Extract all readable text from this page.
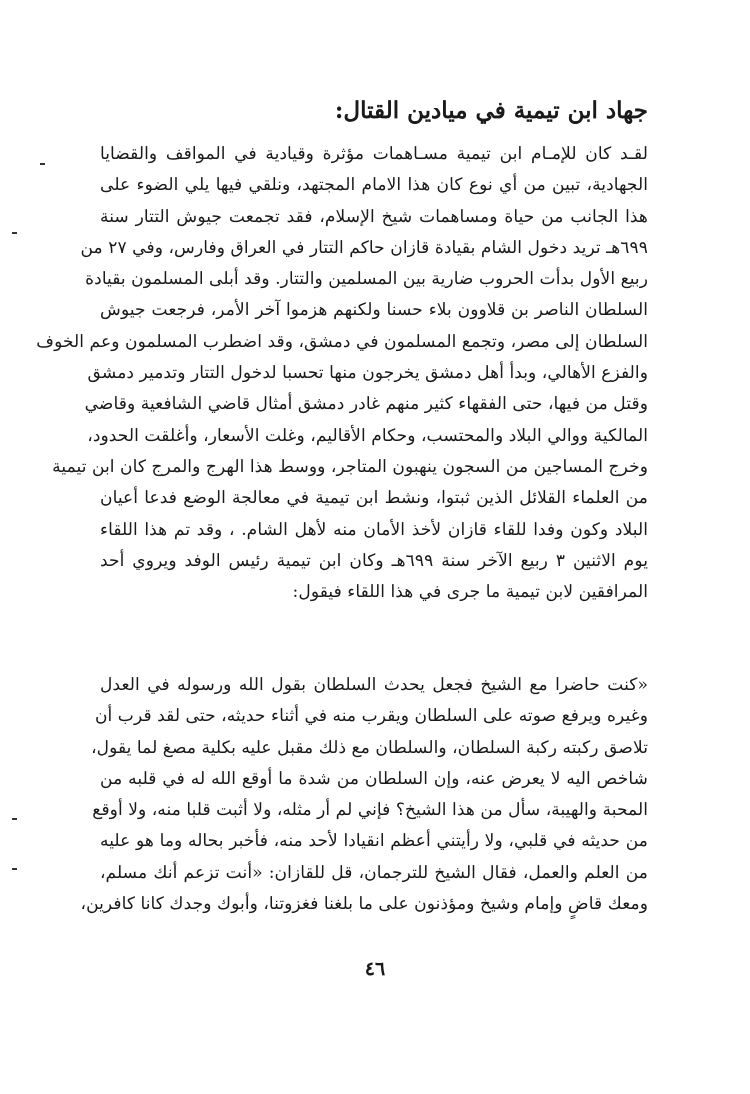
جهاد ابن تيمية في ميادين القتال:
لقـد كان للإمـام ابن تيمية مسـاهمات مؤثرة وقيادية في المواقف والقضايا
الجهادية، تبين من أي نوع كان هذا الامام المجتهد، ونلقي فيها يلي الضوء على
هذا الجانب من حياة ومساهمات شيخ الإسلام، فقد تجمعت جيوش التتار سنة
٦٩٩هـ تريد دخول الشام بقيادة قازان حاكم التتار في العراق وفارس، وفي ٢٧ من
ربيع الأول بدأت الحروب ضارية بين المسلمين والتتار. وقد أبلى المسلمون بقيادة
السلطان الناصر بن قلاوون بلاء حسنا ولكنهم هزموا آخر الأمر، فرجعت جيوش
السلطان إلى مصر، وتجمع المسلمون في دمشق، وقد اضطرب المسلمون وعم الخوف
والفزع الأهالي، وبدأ أهل دمشق يخرجون منها تحسبا لدخول التتار وتدمير دمشق
وقتل من فيها، حتى الفقهاء كثير منهم غادر دمشق أمثال قاضي الشافعية وقاضي
المالكية ووالي البلاد والمحتسب، وحكام الأقاليم، وغلت الأسعار، وأغلقت الحدود،
وخرج المساجين من السجون ينهبون المتاجر، ووسط هذا الهرج والمرج كان ابن تيمية
من العلماء القلائل الذين ثبتوا، ونشط ابن تيمية في معالجة الوضع فدعا أعيان
البلاد وكون وفدا للقاء قازان لأخذ الأمان منه لأهل الشام. ، وقد تم هذا اللقاء
يوم الاثنين ٣ ربيع الآخر سنة ٦٩٩هـ وكان ابن تيمية رئيس الوفد ويروي أحد
المرافقين لابن تيمية ما جرى في هذا اللقاء فيقول:
«كنت حاضرا مع الشيخ فجعل يحدث السلطان بقول الله ورسوله في العدل
وغيره ويرفع صوته على السلطان ويقرب منه في أثناء حديثه، حتى لقد قرب أن
تلاصق ركبته ركبة السلطان، والسلطان مع ذلك مقبل عليه بكلية مصغ لما يقول،
شاخص اليه لا يعرض عنه، وإن السلطان من شدة ما أوقع الله له في قلبه من
المحبة والهيبة، سأل من هذا الشيخ؟ فإني لم أر مثله، ولا أثبت قلبا منه، ولا أوقع
من حديثه في قلبي، ولا رأيتني أعظم انقيادا لأحد منه، فأخبر بحاله وما هو عليه
من العلم والعمل، فقال الشيخ للترجمان، قل للقازان: «أنت تزعم أنك مسلم،
ومعك قاضٍ وإمام وشيخ ومؤذنون على ما بلغنا فغزوتنا، وأبوك وجدك كانا كافرين،
٤٦
